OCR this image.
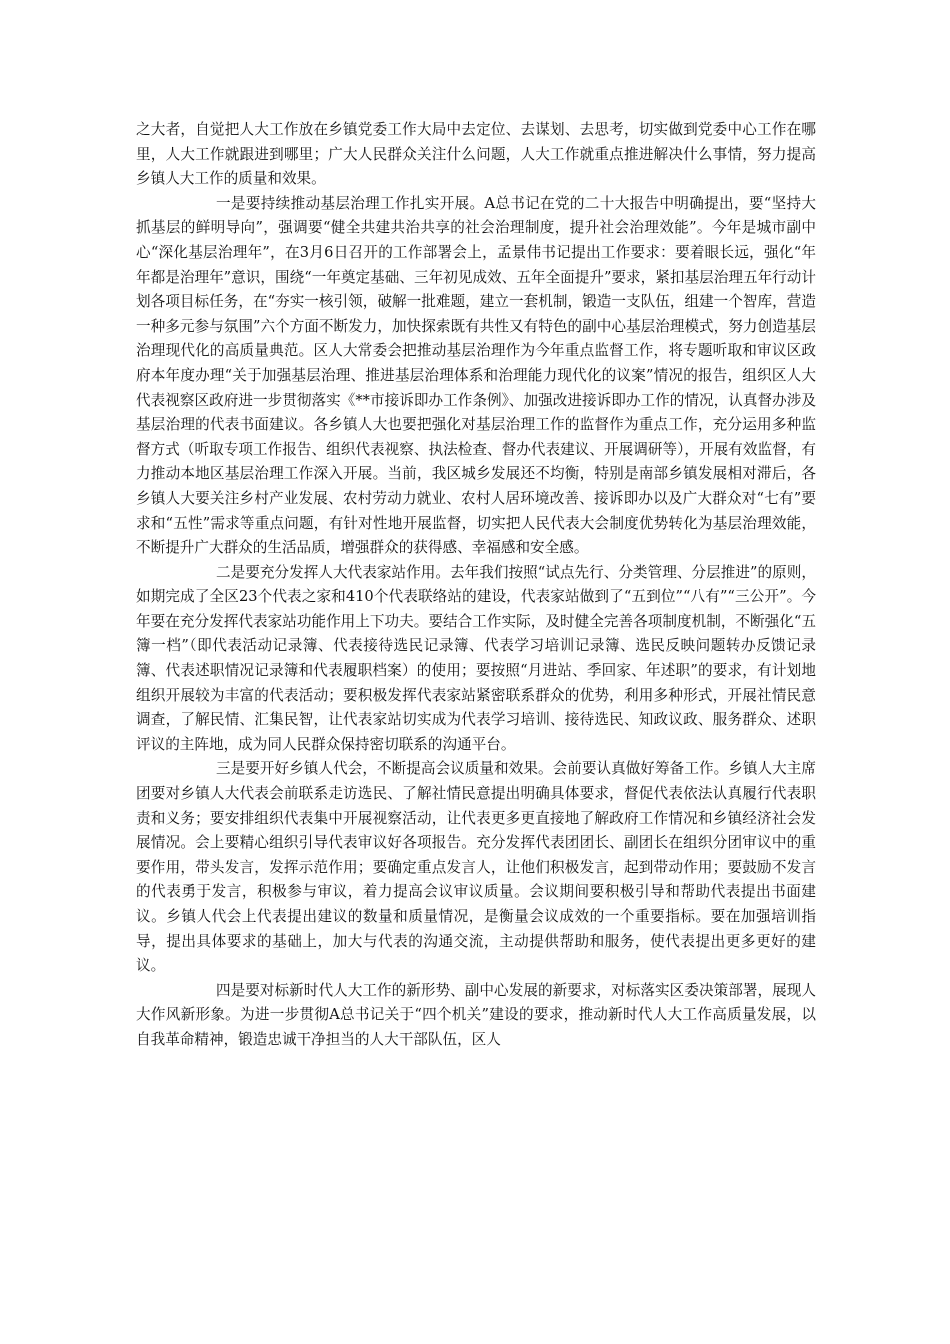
之大者，自觉把人大工作放在乡镇党委工作大局中去定位、去谋划、去思考，切实做到党委中心工作在哪里，人大工作就跟进到哪里；广大人民群众关注什么问题，人大工作就重点推进解决什么事情，努力提高乡镇人大工作的质量和效果。

一是要持续推动基层治理工作扎实开展。A总书记在党的二十大报告中明确提出，要“坚持大抓基层的鲜明导向”，强调要“健全共建共治共享的社会治理制度，提升社会治理效能”。今年是城市副中心“深化基层治理年”，在3月6日召开的工作部署会上，孟景伟书记提出工作要求：要着眼长远，强化“年年都是治理年”意识，围绕“一年奠定基础、三年初见成效、五年全面提升”要求，紧扣基层治理五年行动计划各项目标任务，在“夯实一核引领，破解一批难题，建立一套机制，锻造一支队伍，组建一个智库，营造一种多元参与氛围”六个方面不断发力，加快探索既有共性又有特色的副中心基层治理模式，努力创造基层治理现代化的高质量典范。区人大常委会把推动基层治理作为今年重点监督工作，将专题听取和审议区政府本年度办理“关于加强基层治理、推进基层治理体系和治理能力现代化的议案”情况的报告，组织区人大代表视察区政府进一步贯彻落实《**市接诉即办工作条例》、加强改进接诉即办工作的情况，认真督办涉及基层治理的代表书面建议。各乡镇人大也要把强化对基层治理工作的监督作为重点工作，充分运用多种监督方式（听取专项工作报告、组织代表视察、执法检查、督办代表建议、开展调研等），开展有效监督，有力推动本地区基层治理工作深入开展。当前，我区城乡发展还不均衡，特别是南部乡镇发展相对滞后，各乡镇人大要关注乡村产业发展、农村劳动力就业、农村人居环境改善、接诉即办以及广大群众对“七有”要求和“五性”需求等重点问题，有针对性地开展监督，切实把人民代表大会制度优势转化为基层治理效能，不断提升广大群众的生活品质，增强群众的获得感、幸福感和安全感。

二是要充分发挥人大代表家站作用。去年我们按照“试点先行、分类管理、分层推进”的原则，如期完成了全区23个代表之家和410个代表联络站的建设，代表家站做到了“五到位”“八有”“三公开”。今年要在充分发挥代表家站功能作用上下功夫。要结合工作实际，及时健全完善各项制度机制，不断强化“五簿一档”（即代表活动记录簿、代表接待选民记录簿、代表学习培训记录簿、选民反映问题转办反馈记录簿、代表述职情况记录簿和代表履职档案）的使用；要按照“月进站、季回家、年述职”的要求，有计划地组织开展较为丰富的代表活动；要积极发挥代表家站紧密联系群众的优势，利用多种形式，开展社情民意调查，了解民情、汇集民智，让代表家站切实成为代表学习培训、接待选民、知政议政、服务群众、述职评议的主阵地，成为同人民群众保持密切联系的沟通平台。

三是要开好乡镇人代会，不断提高会议质量和效果。会前要认真做好筹备工作。乡镇人大主席团要对乡镇人大代表会前联系走访选民、了解社情民意提出明确具体要求，督促代表依法认真履行代表职责和义务；要安排组织代表集中开展视察活动，让代表更多更直接地了解政府工作情况和乡镇经济社会发展情况。会上要精心组织引导代表审议好各项报告。充分发挥代表团团长、副团长在组织分团审议中的重要作用，带头发言，发挥示范作用；要确定重点发言人，让他们积极发言，起到带动作用；要鼓励不发言的代表勇于发言，积极参与审议，着力提高会议审议质量。会议期间要积极引导和帮助代表提出书面建议。乡镇人代会上代表提出建议的数量和质量情况，是衡量会议成效的一个重要指标。要在加强培训指导，提出具体要求的基础上，加大与代表的沟通交流，主动提供帮助和服务，使代表提出更多更好的建议。

四是要对标新时代人大工作的新形势、副中心发展的新要求，对标落实区委决策部署，展现人大作风新形象。为进一步贯彻A总书记关于“四个机关”建设的要求，推动新时代人大工作高质量发展，以自我革命精神，锻造忠诚干净担当的人大干部队伍，区人
